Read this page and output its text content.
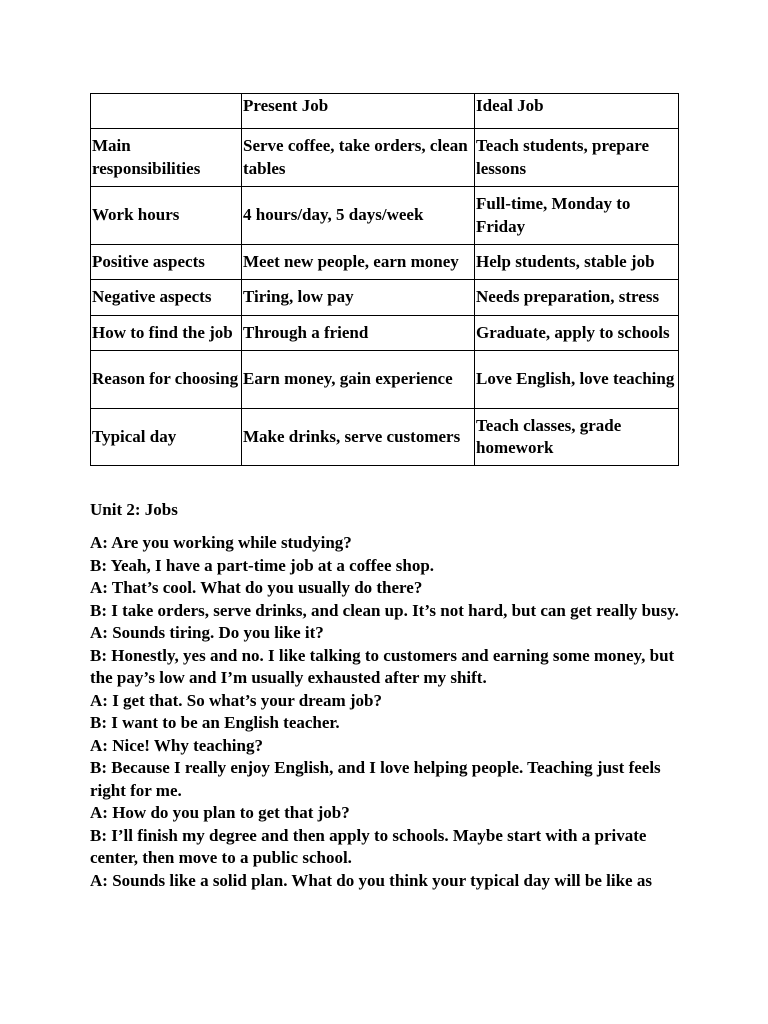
	Present Job	Ideal Job
Main responsibilities	Serve coffee, take orders, clean tables	Teach students, prepare lessons
Work hours	4 hours/day, 5 days/week	Full-time, Monday to Friday
Positive aspects	Meet new people, earn money	Help students, stable job
Negative aspects	Tiring, low pay	Needs preparation, stress
How to find the job	Through a friend	Graduate, apply to schools
Reason for choosing	Earn money, gain experience	Love English, love teaching
Typical day	Make drinks, serve customers	Teach classes, grade homework

Unit 2: Jobs

A: Are you working while studying?

B: Yeah, I have a part-time job at a coffee shop.

A: That’s cool. What do you usually do there?

B: I take orders, serve drinks, and clean up. It’s not hard, but can get really busy.

A: Sounds tiring. Do you like it?

B: Honestly, yes and no. I like talking to customers and earning some money, but the pay’s low and I’m usually exhausted after my shift.

A: I get that. So what’s your dream job?

B: I want to be an English teacher.

A: Nice! Why teaching?

B: Because I really enjoy English, and I love helping people. Teaching just feels right for me.

A: How do you plan to get that job?

B: I’ll finish my degree and then apply to schools. Maybe start with a private center, then move to a public school.

A: Sounds like a solid plan. What do you think your typical day will be like as
